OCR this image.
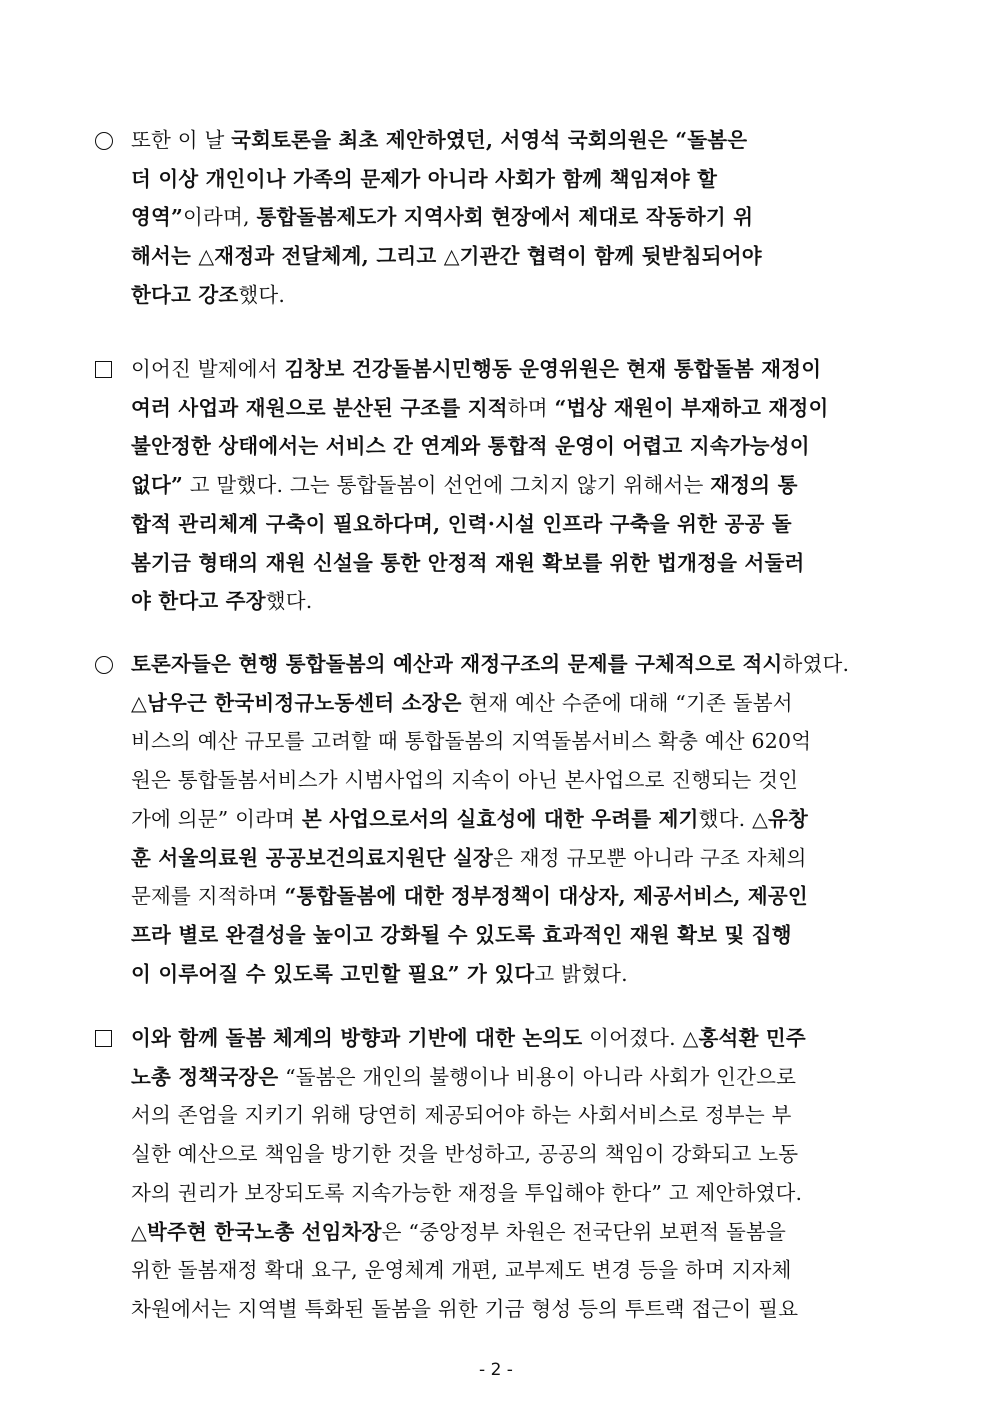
또한 이 날 국회토론을 최초 제안하였던, 서영석 국회의원은 “돌봄은
더 이상 개인이나 가족의 문제가 아니라 사회가 함께 책임져야 할
영역”이라며, 통합돌봄제도가 지역사회 현장에서 제대로 작동하기 위
해서는 △재정과 전달체계, 그리고 △기관간 협력이 함께 뒷받침되어야
한다고 강조했다.
이어진 발제에서 김창보 건강돌봄시민행동 운영위원은 현재 통합돌봄 재정이
여러 사업과 재원으로 분산된 구조를 지적하며 “법상 재원이 부재하고 재정이
불안정한 상태에서는 서비스 간 연계와 통합적 운영이 어렵고 지속가능성이
없다” 고 말했다. 그는 통합돌봄이 선언에 그치지 않기 위해서는 재정의 통
합적 관리체계 구축이 필요하다며, 인력·시설 인프라 구축을 위한 공공 돌
봄기금 형태의 재원 신설을 통한 안정적 재원 확보를 위한 법개정을 서둘러
야 한다고 주장했다.
토론자들은 현행 통합돌봄의 예산과 재정구조의 문제를 구체적으로 적시하였다.
△남우근 한국비정규노동센터 소장은 현재 예산 수준에 대해 “기존 돌봄서
비스의 예산 규모를 고려할 때 통합돌봄의 지역돌봄서비스 확충 예산 620억
원은 통합돌봄서비스가 시범사업의 지속이 아닌 본사업으로 진행되는 것인
가에 의문” 이라며 본 사업으로서의 실효성에 대한 우려를 제기했다. △유창
훈 서울의료원 공공보건의료지원단 실장은 재정 규모뿐 아니라 구조 자체의
문제를 지적하며 “통합돌봄에 대한 정부정책이 대상자, 제공서비스, 제공인
프라 별로 완결성을 높이고 강화될 수 있도록 효과적인 재원 확보 및 집행
이 이루어질 수 있도록 고민할 필요” 가 있다고 밝혔다.
이와 함께 돌봄 체계의 방향과 기반에 대한 논의도 이어졌다. △홍석환 민주
노총 정책국장은 “돌봄은 개인의 불행이나 비용이 아니라 사회가 인간으로
서의 존엄을 지키기 위해 당연히 제공되어야 하는 사회서비스로 정부는 부
실한 예산으로 책임을 방기한 것을 반성하고, 공공의 책임이 강화되고 노동
자의 권리가 보장되도록 지속가능한 재정을 투입해야 한다” 고 제안하였다.
△박주현 한국노총 선임차장은 “중앙정부 차원은 전국단위 보편적 돌봄을
위한 돌봄재정 확대 요구, 운영체계 개편, 교부제도 변경 등을 하며 지자체
차원에서는 지역별 특화된 돌봄을 위한 기금 형성 등의 투트랙 접근이 필요
- 2 -
